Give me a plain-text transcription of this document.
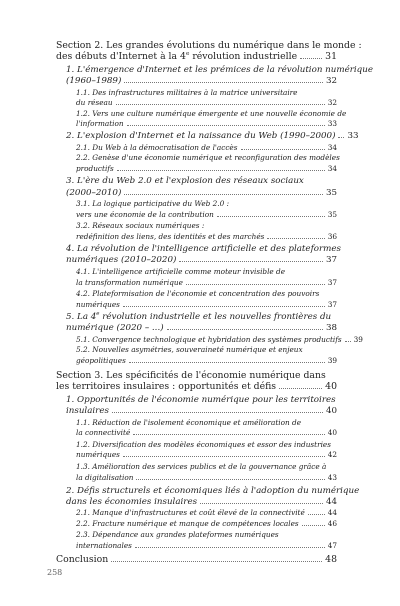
Section 2. Les grandes évolutions du numérique dans le monde :
des débuts d'Internet à la 4e révolution industrielle	31
1. L'émergence d'Internet et les prémices de la révolution numérique
(1960–1989)	32
1.1. Des infrastructures militaires à la matrice universitaire
du réseau	32
1.2. Vers une culture numérique émergente et une nouvelle économie de
l'information	33
2. L'explosion d'Internet et la naissance du Web (1990–2000) 33
2.1. Du Web à la démocratisation de l'accès	34
2.2. Genèse d'une économie numérique et reconfiguration des modèles
productifs	34
3. L'ère du Web 2.0 et l'explosion des réseaux sociaux
(2000–2010)	35
3.1. La logique participative du Web 2.0 :
vers une économie de la contribution	35
3.2. Réseaux sociaux numériques :
redéfinition des liens, des identités et des marchés	36
4. La révolution de l'intelligence artificielle et des plateformes
numériques (2010–2020)	37
4.1. L'intelligence artificielle comme moteur invisible de
la transformation numérique	37
4.2. Plateformisation de l'économie et concentration des pouvoirs
numériques	37
5. La 4e révolution industrielle et les nouvelles frontières du
numérique (2020 – ...)	38
5.1. Convergence technologique et hybridation des systèmes productifs 39
5.2. Nouvelles asymétries, souveraineté numérique et enjeux
géopolitiques	39
Section 3. Les spécificités de l'économie numérique dans
les territoires insulaires : opportunités et défis	40
1. Opportunités de l'économie numérique pour les territoires
insulaires	40
1.1. Réduction de l'isolement économique et amélioration de
la connectivité	40
1.2. Diversification des modèles économiques et essor des industries
numériques	42
1.3. Amélioration des services publics et de la gouvernance grâce à
la digitalisation	43
2. Défis structurels et économiques liés à l'adoption du numérique
dans les économies insulaires	44
2.1. Manque d'infrastructures et coût élevé de la connectivité	44
2.2. Fracture numérique et manque de compétences locales	46
2.3. Dépendance aux grandes plateformes numériques
internationales	47
Conclusion	48
258
